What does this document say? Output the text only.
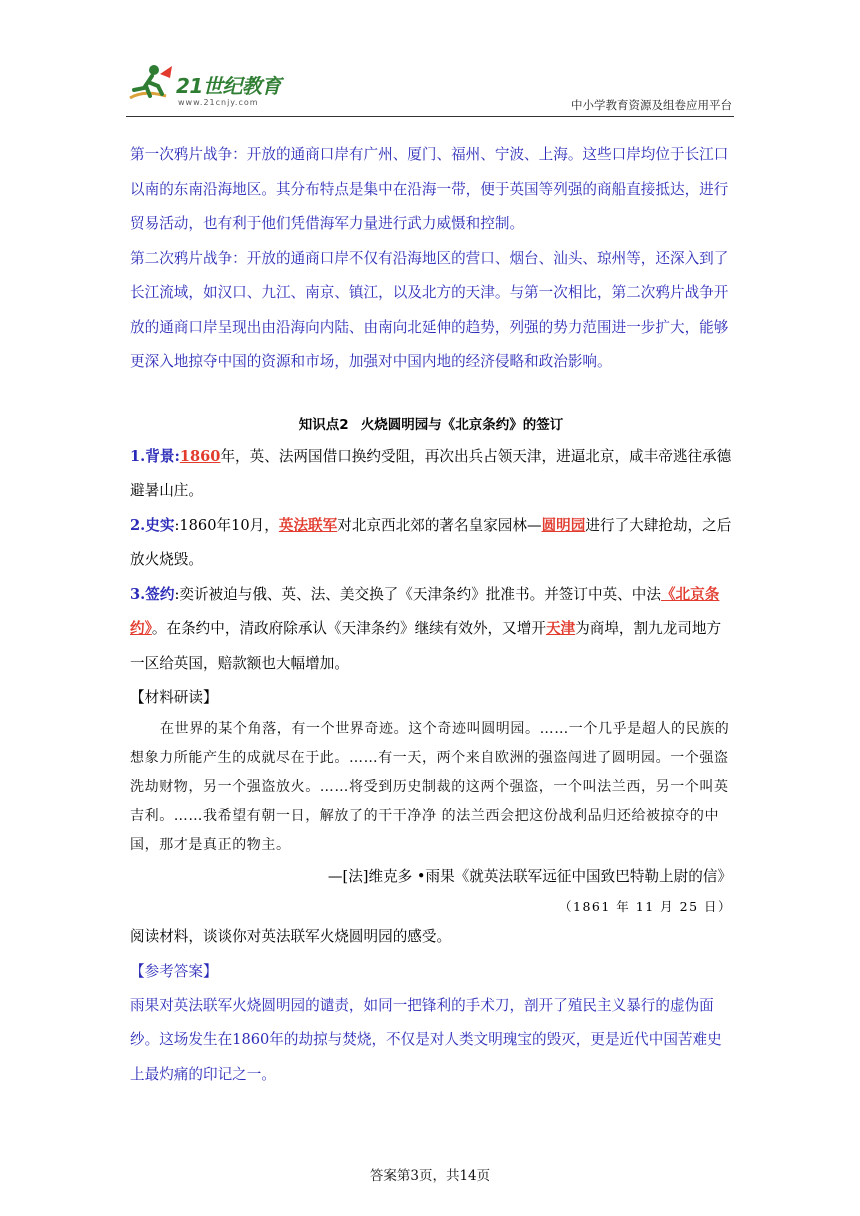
21世纪教育
www.21cnjy.com	中小学教育资源及组卷应用平台

第一次鸦片战争：开放的通商口岸有广州、厦门、福州、宁波、上海。这些口岸均位于长江口以南的东南沿海地区。其分布特点是集中在沿海一带，便于英国等列强的商船直接抵达，进行贸易活动，也有利于他们凭借海军力量进行武力威慑和控制。

第二次鸦片战争：开放的通商口岸不仅有沿海地区的营口、烟台、汕头、琼州等，还深入到了长江流域，如汉口、九江、南京、镇江，以及北方的天津。与第一次相比，第二次鸦片战争开放的通商口岸呈现出由沿海向内陆、由南向北延伸的趋势，列强的势力范围进一步扩大，能够更深入地掠夺中国的资源和市场，加强对中国内地的经济侵略和政治影响。

知识点2 火烧圆明园与《北京条约》的签订

1.背景:1860年，英、法两国借口换约受阻，再次出兵占领天津，进逼北京，咸丰帝逃往承德避暑山庄。

2.史实:1860年10月，英法联军对北京西北郊的著名皇家园林—圆明园进行了大肆抢劫，之后放火烧毁。

3.签约:奕䜣被迫与俄、英、法、美交换了《天津条约》批准书。并签订中英、中法《北京条约》。在条约中，清政府除承认《天津条约》继续有效外，又增开天津为商埠，割九龙司地方一区给英国，赔款额也大幅增加。

【材料研读】

在世界的某个角落，有一个世界奇迹。这个奇迹叫圆明园。……一个几乎是超人的民族的想象力所能产生的成就尽在于此。……有一天，两个来自欧洲的强盗闯进了圆明园。一个强盗洗劫财物，另一个强盗放火。……将受到历史制裁的这两个强盗，一个叫法兰西，另一个叫英吉利。……我希望有朝一日，解放了的干干净净 的法兰西会把这份战利品归还给被掠夺的中国，那才是真正的物主。

—[法]维克多 •雨果《就英法联军远征中国致巴特勒上尉的信》

（1861 年 11 月 25 日）

阅读材料，谈谈你对英法联军火烧圆明园的感受。

【参考答案】

雨果对英法联军火烧圆明园的谴责，如同一把锋利的手术刀，剖开了殖民主义暴行的虚伪面纱。这场发生在1860年的劫掠与焚烧，不仅是对人类文明瑰宝的毁灭，更是近代中国苦难史上最灼痛的印记之一。

答案第3页，共14页
